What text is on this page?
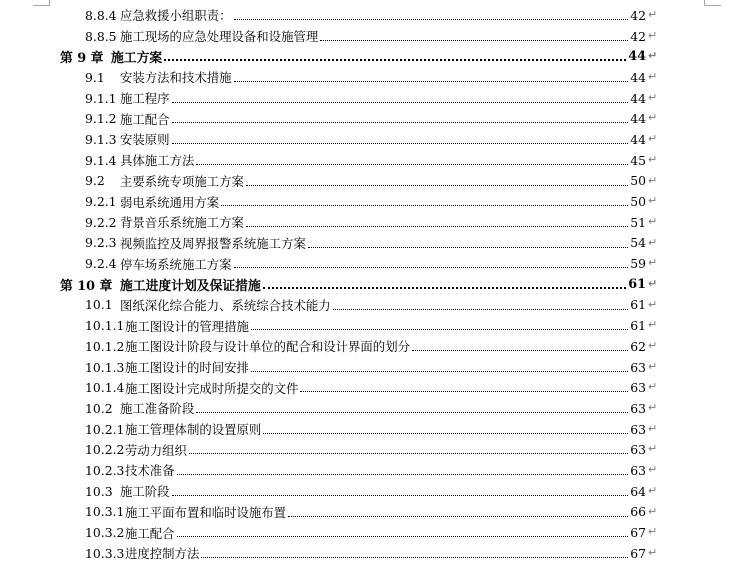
8.8.4 应急救援小组职责：	42 ↵
8.8.5 施工现场的应急处理设备和设施管理	42 ↵
第 9 章 施工方案	44 ↵
9.1 安装方法和技术措施	44 ↵
9.1.1 施工程序	44 ↵
9.1.2 施工配合	44 ↵
9.1.3 安装原则	44 ↵
9.1.4 具体施工方法	45 ↵
9.2 主要系统专项施工方案	50 ↵
9.2.1 弱电系统通用方案	50 ↵
9.2.2 背景音乐系统施工方案	51 ↵
9.2.3 视频监控及周界报警系统施工方案	54 ↵
9.2.4 停车场系统施工方案	59 ↵
第 10 章 施工进度计划及保证措施	61 ↵
10.1 图纸深化综合能力、系统综合技术能力	61 ↵
10.1.1 施工图设计的管理措施	61 ↵
10.1.2 施工图设计阶段与设计单位的配合和设计界面的划分	62 ↵
10.1.3 施工图设计的时间安排	63 ↵
10.1.4 施工图设计完成时所提交的文件	63 ↵
10.2 施工准备阶段	63 ↵
10.2.1 施工管理体制的设置原则	63 ↵
10.2.2 劳动力组织	63 ↵
10.2.3 技术准备	63 ↵
10.3 施工阶段	64 ↵
10.3.1 施工平面布置和临时设施布置	66 ↵
10.3.2 施工配合	67 ↵
10.3.3 进度控制方法	67 ↵
